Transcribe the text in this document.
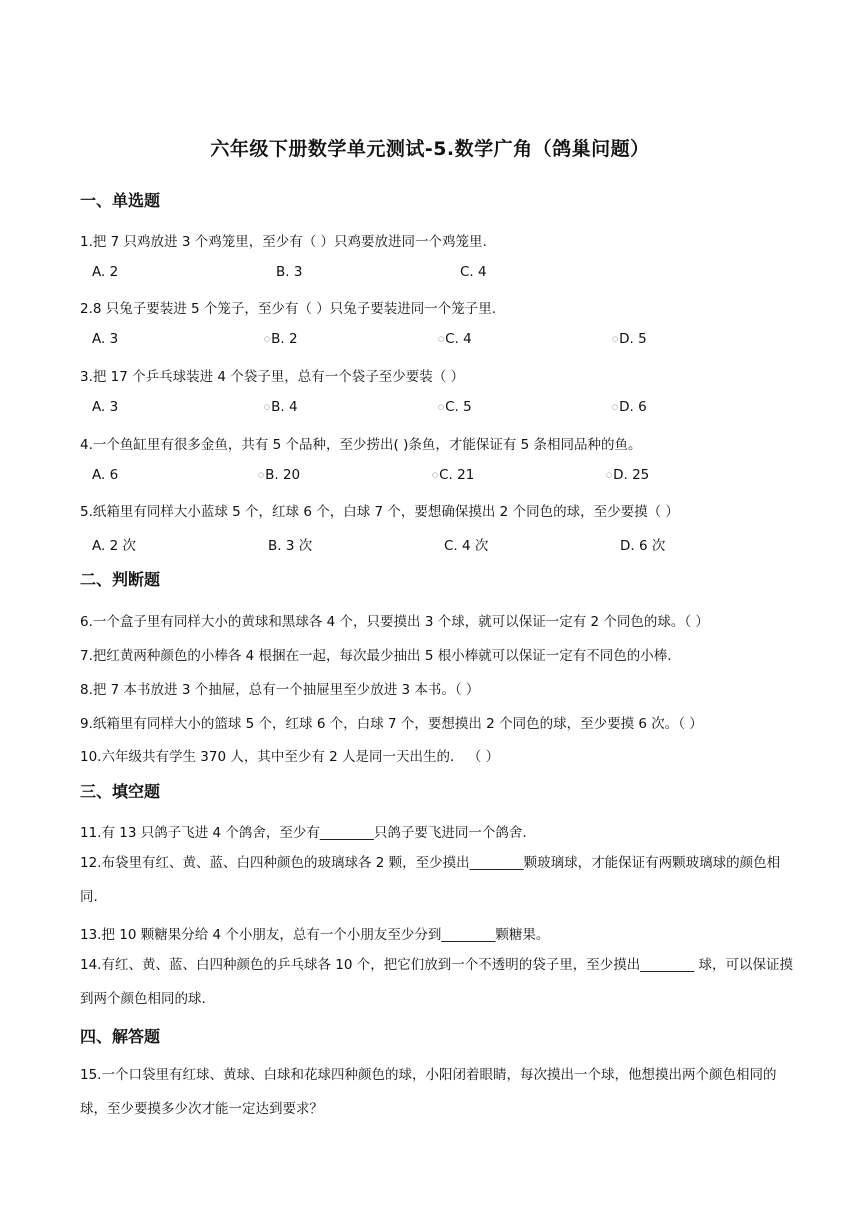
六年级下册数学单元测试-5.数学广角（鸽巢问题）
一、单选题
1.把 7 只鸡放进 3 个鸡笼里，至少有（ ）只鸡要放进同一个鸡笼里.
A. 2	B. 3	C. 4
2.8 只兔子要装进 5 个笼子，至少有（ ）只兔子要装进同一个笼子里.
A. 3	○B. 2	○C. 4	○D. 5
3.把 17 个乒乓球装进 4 个袋子里，总有一个袋子至少要装（ ）
A. 3	○B. 4	○C. 5	○D. 6
4.一个鱼缸里有很多金鱼，共有 5 个品种，至少捞出( )条鱼，才能保证有 5 条相同品种的鱼。
A. 6	○B. 20	○C. 21	○D. 25
5.纸箱里有同样大小蓝球 5 个，红球 6 个，白球 7 个，要想确保摸出 2 个同色的球，至少要摸（ ）
A. 2 次	B. 3 次	C. 4 次	D. 6 次
二、判断题
6.一个盒子里有同样大小的黄球和黑球各 4 个，只要摸出 3 个球，就可以保证一定有 2 个同色的球。（ ）
7.把红黄两种颜色的小棒各 4 根捆在一起，每次最少抽出 5 根小棒就可以保证一定有不同色的小棒.
8.把 7 本书放进 3 个抽屉，总有一个抽屉里至少放进 3 本书。（ ）
9.纸箱里有同样大小的篮球 5 个，红球 6 个，白球 7 个，要想摸出 2 个同色的球，至少要摸 6 次。（ ）
10.六年级共有学生 370 人，其中至少有 2 人是同一天出生的． （ ）
三、填空题
11.有 13 只鸽子飞进 4 个鸽舍，至少有________只鸽子要飞进同一个鸽舍.
12.布袋里有红、黄、蓝、白四种颜色的玻璃球各 2 颗，至少摸出________颗玻璃球，才能保证有两颗玻璃球的颜色相同.
13.把 10 颗糖果分给 4 个小朋友，总有一个小朋友至少分到________颗糖果。
14.有红、黄、蓝、白四种颜色的乒乓球各 10 个，把它们放到一个不透明的袋子里，至少摸出________ 球，可以保证摸到两个颜色相同的球.
四、解答题
15.一个口袋里有红球、黄球、白球和花球四种颜色的球，小阳闭着眼睛，每次摸出一个球，他想摸出两个颜色相同的球，至少要摸多少次才能一定达到要求？
